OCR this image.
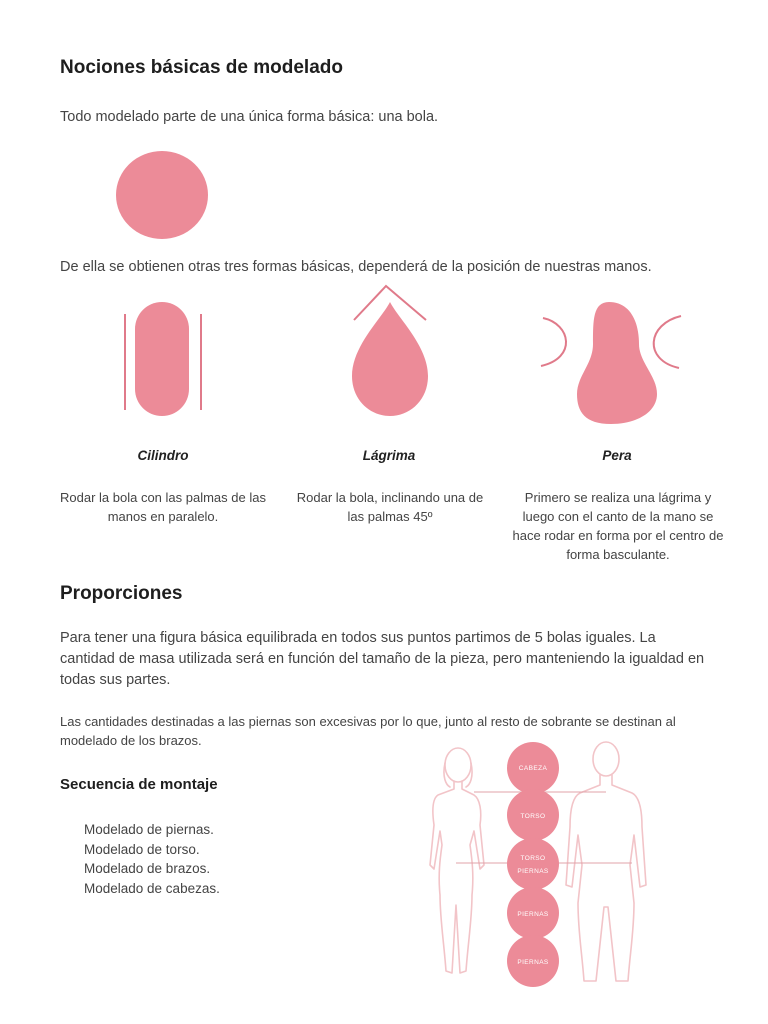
Nociones básicas de modelado
Todo modelado parte de una única forma básica: una bola.
De ella se obtienen otras tres formas básicas, dependerá de la posición de nuestras manos.
Cilindro	Lágrima	Pera
Rodar la bola con las palmas de las manos en paralelo.
Rodar la bola, inclinando una de las palmas 45º
Primero se realiza una lágrima y luego con el canto de la mano se hace rodar en forma por el centro de forma basculante.
Proporciones
Para tener una figura básica equilibrada en todos sus puntos partimos de 5 bolas iguales. La cantidad de masa utilizada será en función del tamaño de la pieza, pero manteniendo la igualdad en todas sus partes.
Las cantidades destinadas a las piernas son excesivas por lo que, junto al resto de sobrante se destinan al modelado de los brazos.
Secuencia de montaje
Modelado de piernas.
Modelado de torso.
Modelado de brazos.
Modelado de cabezas.
CABEZA
TORSO
TORSO
PIERNAS
PIERNAS
PIERNAS
